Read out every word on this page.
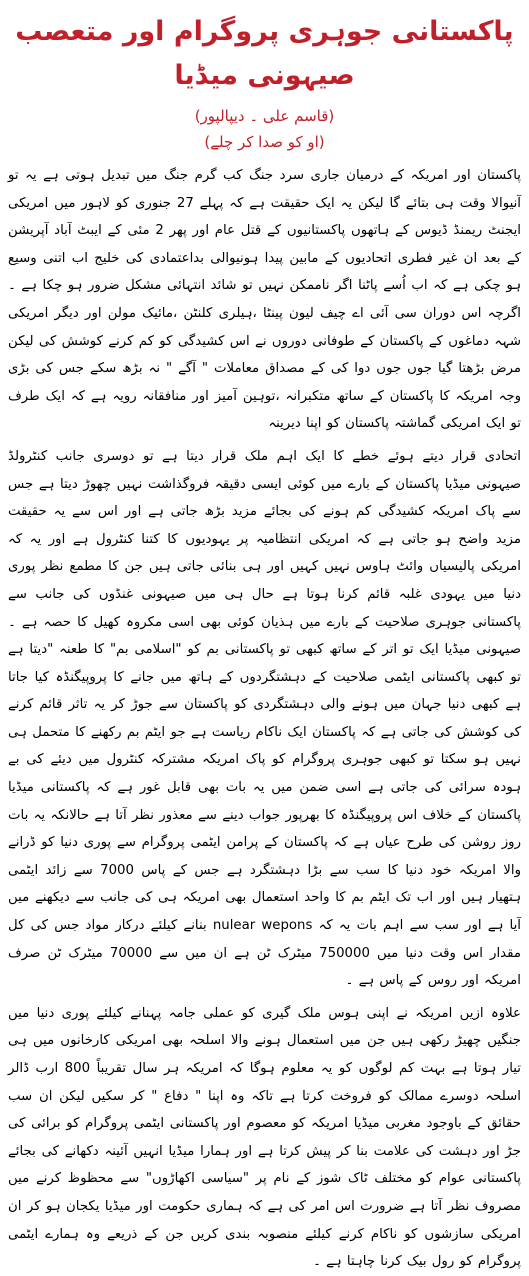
پاکستانی جوہری پروگرام اور متعصب صیہونی میڈیا
(قاسم علی ۔ دیپالپور)
(او کو صدا کر چلے)

پاکستان اور امریکہ کے درمیان جاری سرد جنگ کب گرم جنگ میں تبدیل ہوتی ہے یہ تو آنیوالا وقت ہی بتائے گا لیکن یہ ایک حقیقت ہے کہ پہلے 27 جنوری کو لاہور میں امریکی ایجنٹ ریمنڈ ڈیوس کے ہاتھوں پاکستانیوں کے قتل عام اور پھر 2 مئی کے ایبٹ آباد آپریشن کے بعد ان غیر فطری اتحادیوں کے مابین پیدا ہونیوالی بداعتمادی کی خلیج اب اتنی وسیع ہو چکی ہے کہ اب اُسے پاٹنا اگر ناممکن نہیں تو شائد انتہائی مشکل ضرور ہو چکا ہے ۔ اگرچہ اس دوران سی آئی اے چیف لیون پینٹا ،ہیلری کلنٹن ،مائیک مولن اور دیگر امریکی شہہ دماغوں کے پاکستان کے طوفانی دوروں نے اس کشیدگی کو کم کرنے کوشش کی لیکن مرض بڑھتا گیا جوں جوں دوا کی کے مصداق معاملات " آگے " نہ بڑھ سکے جس کی بڑی وجہ امریکہ کا پاکستان کے ساتھ متکبرانہ ،توہین آمیز اور منافقانہ رویہ ہے کہ ایک طرف تو ایک امریکی گماشتہ پاکستان کو اپنا دیرینہ

اتحادی قرار دیتے ہوئے خطے کا ایک اہم ملک قرار دیتا ہے تو دوسری جانب کنٹرولڈ صیہونی میڈیا پاکستان کے بارے میں کوئی ایسی دقیقہ فروگذاشت نہیں چھوڑ دیتا ہے جس سے پاک امریکہ کشیدگی کم ہونے کی بجائے مزید بڑھ جاتی ہے اور اس سے یہ حقیقت مزید واضح ہو جاتی ہے کہ امریکی انتظامیہ پر یہودیوں کا کتنا کنٹرول ہے اور یہ کہ امریکی پالیسیاں وائٹ ہاوس نہیں کہیں اور ہی بنائی جاتی ہیں جن کا مطمع نظر پوری دنیا میں یہودی غلبہ قائم کرنا ہوتا ہے حال ہی میں صیہونی غنڈوں کی جانب سے پاکستانی جوہری صلاحیت کے بارے میں ہذیان کوئی بھی اسی مکروہ کھیل کا حصہ ہے ۔صیہونی میڈیا ایک تو اتر کے ساتھ کبھی تو پاکستانی بم کو "اسلامی بم" کا طعنہ "دیتا ہے تو کبھی پاکستانی ایٹمی صلاحیت کے دہشتگردوں کے ہاتھ میں جانے کا پروپیگنڈہ کیا جاتا ہے کبھی دنیا جہان میں ہونے والی دہشتگردی کو پاکستان سے جوڑ کر یہ تاثر قائم کرنے کی کوشش کی جاتی ہے کہ پاکستان ایک ناکام ریاست ہے جو ایٹم بم رکھنے کا متحمل ہی نہیں ہو سکتا تو کبھی جوہری پروگرام کو پاک امریکہ مشترکہ کنٹرول میں دیئے کی بے ہودہ سرائی کی جاتی ہے اسی ضمن میں یہ بات بھی قابل غور ہے کہ پاکستانی میڈیا پاکستان کے خلاف اس پروپیگنڈہ کا بھرپور جواب دینے سے معذور نظر آتا ہے حالانکہ یہ بات روز روشن کی طرح عیاں ہے کہ پاکستان کے پرامن ایٹمی پروگرام سے پوری دنیا کو ڈرانے والا امریکہ خود دنیا کا سب سے بڑا دہشتگرد ہے جس کے پاس 7000 سے زائد ایٹمی ہتھیار ہیں اور اب تک ایٹم بم کا واحد استعمال بھی امریکہ ہی کی جانب سے دیکھنے میں آیا ہے اور سب سے اہم بات یہ کہ nulear wepons بنانے کیلئے درکار مواد جس کی کل مقدار اس وقت دنیا میں 750000 میٹرک ٹن ہے ان میں سے 70000 میٹرک ٹن صرف امریکہ اور روس کے پاس ہے ۔

علاوہ ازیں امریکہ نے اپنی ہوس ملک گیری کو عملی جامہ پہنانے کیلئے پوری دنیا میں جنگیں چھیڑ رکھی ہیں جن میں استعمال ہونے والا اسلحہ بھی امریکی کارخانوں میں ہی تیار ہوتا ہے بہت کم لوگوں کو یہ معلوم ہوگا کہ امریکہ ہر سال تقریباً 800 ارب ڈالر اسلحہ دوسرے ممالک کو فروخت کرتا ہے تاکہ وہ اپنا " دفاع " کر سکیں لیکن ان سب حقائق کے باوجود مغربی میڈیا امریکہ کو معصوم اور پاکستانی ایٹمی پروگرام کو برائی کی جڑ اور دہشت کی علامت بنا کر پیش کرتا ہے اور ہمارا میڈیا انہیں آئینہ دکھانے کی بجائے پاکستانی عوام کو مختلف ٹاک شوز کے نام پر "سیاسی اکھاڑوں" سے محظوظ کرنے میں مصروف نظر آتا ہے ضرورت اس امر کی ہے کہ ہماری حکومت اور میڈیا یکجان ہو کر ان امریکی سازشوں کو ناکام کرنے کیلئے منصوبہ بندی کریں جن کے ذریعے وہ ہمارے ایٹمی پروگرام کو رول بیک کرنا چاہتا ہے ۔
